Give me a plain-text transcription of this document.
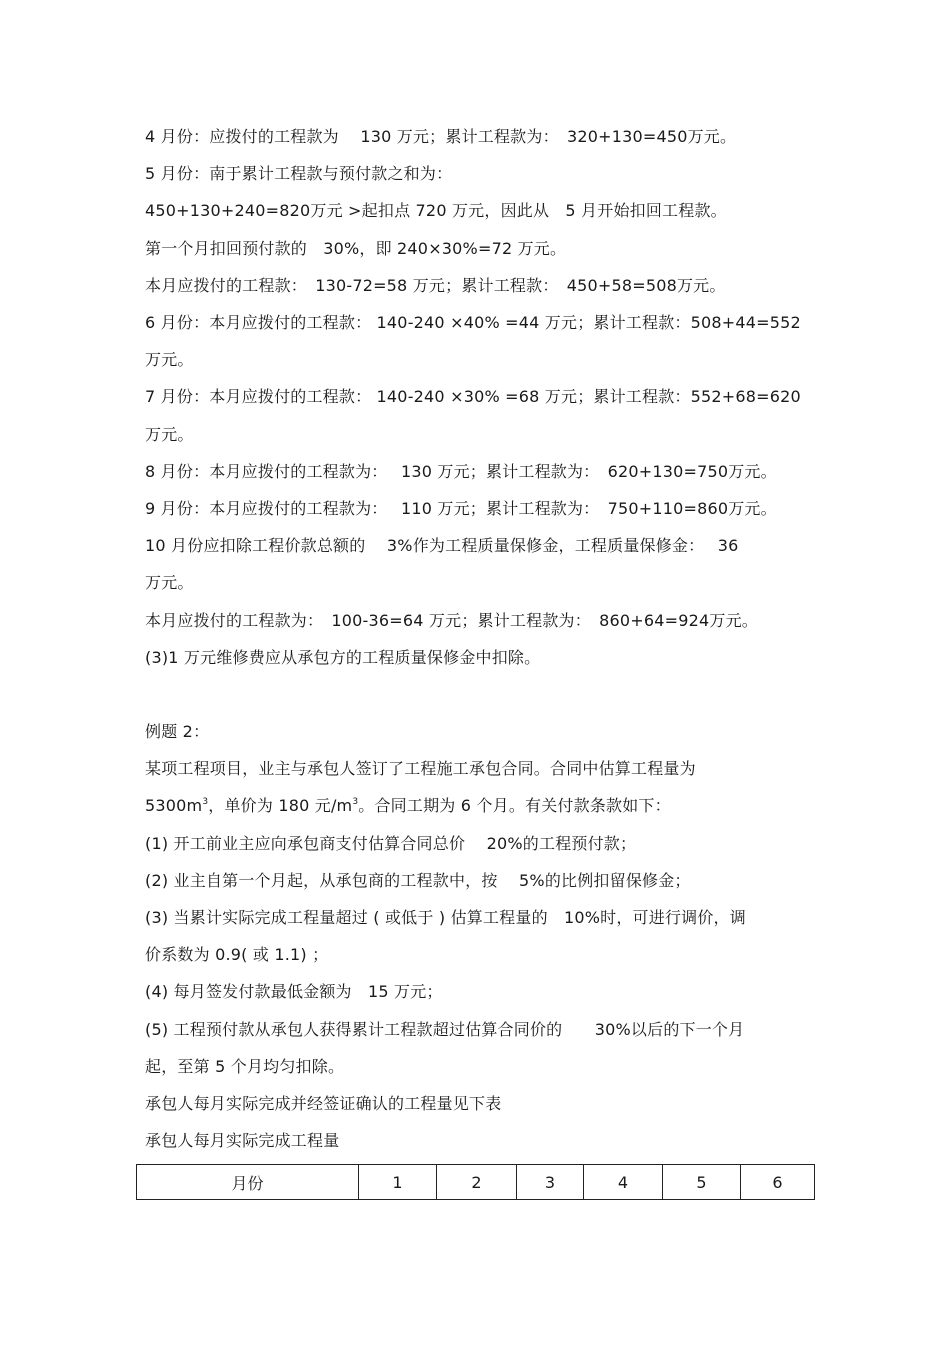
4 月份：应拨付的工程款为　 130 万元；累计工程款为：　320+130=450万元。

5 月份：南于累计工程款与预付款之和为：

450+130+240=820万元 >起扣点 720 万元，因此从　5 月开始扣回工程款。

第一个月扣回预付款的　30%，即 240×30%=72 万元。

本月应拨付的工程款：　130-72=58 万元；累计工程款：　450+58=508万元。

6 月份：本月应拨付的工程款： 140-240 ×40% =44 万元；累计工程款：508+44=552

万元。

7 月份：本月应拨付的工程款： 140-240 ×30% =68 万元；累计工程款：552+68=620

万元。

8 月份：本月应拨付的工程款为：　 130 万元；累计工程款为：　620+130=750万元。

9 月份：本月应拨付的工程款为：　 110 万元；累计工程款为：　750+110=860万元。

10 月份应扣除工程价款总额的　 3%作为工程质量保修金，工程质量保修金：　 36

万元。

本月应拨付的工程款为：　100-36=64 万元；累计工程款为：　860+64=924万元。

(3)1 万元维修费应从承包方的工程质量保修金中扣除。

例题 2：

某项工程项目，业主与承包人签订了工程施工承包合同。合同中估算工程量为

$5300m^3$，单价为 180 元$/m^3$。合同工期为 6 个月。有关付款条款如下：

(1) 开工前业主应向承包商支付估算合同总价　 20%的工程预付款；

(2) 业主自第一个月起，从承包商的工程款中，按　 5%的比例扣留保修金；

(3) 当累计实际完成工程量超过 ( 或低于 ) 估算工程量的　10%时，可进行调价，调

价系数为 0.9( 或 1.1) ；

(4) 每月签发付款最低金额为　15 万元；

(5) 工程预付款从承包人获得累计工程款超过估算合同价的　　30%以后的下一个月

起，至第 5 个月均匀扣除。

承包人每月实际完成并经签证确认的工程量见下表

承包人每月实际完成工程量

月份	1	2	3	4	5	6
